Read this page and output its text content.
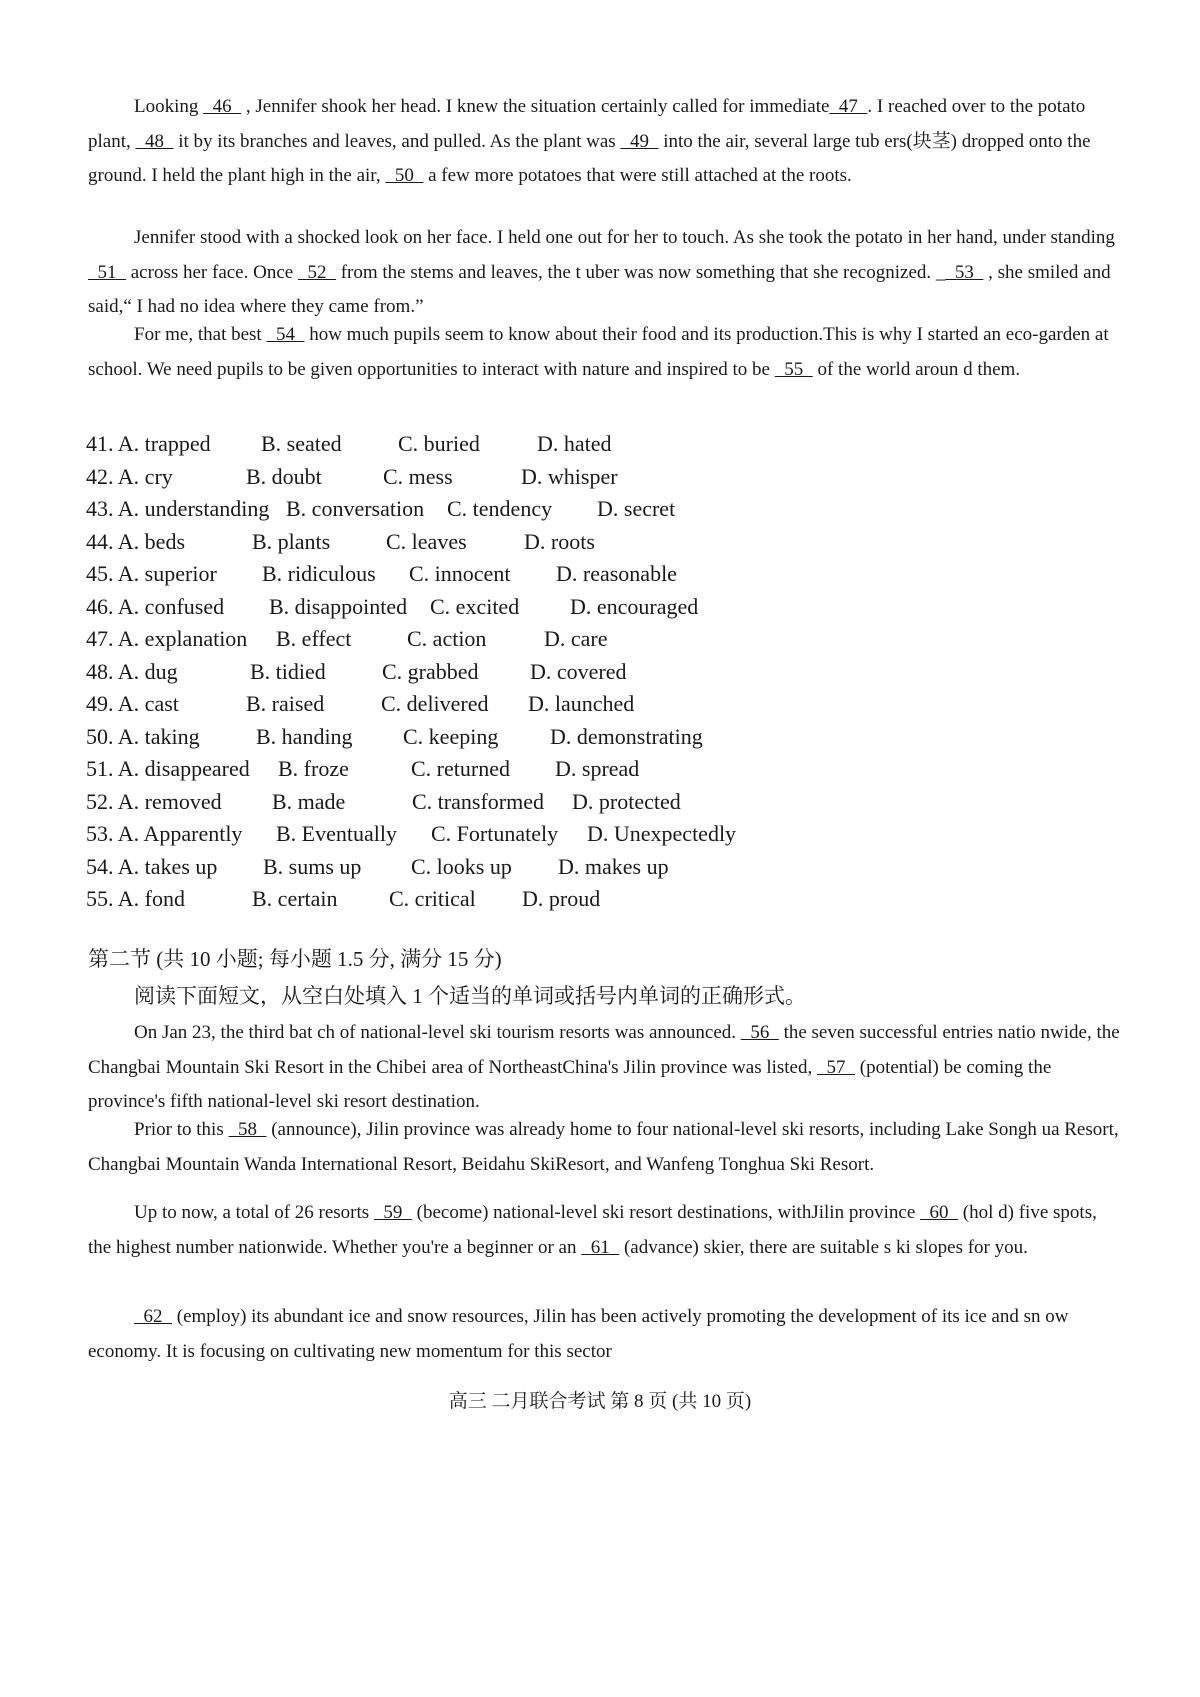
Looking   46   , Jennifer shook her head. I knew the situation certainly called for immediate  47  . I reached over to the potato plant,   48   it by its branches and leaves, and pulled. As the plant was   49   into the air, several large tub ers(块茎) dropped onto the ground. I held the plant high in the air,   50   a few more potatoes that were still attached at the roots.

Jennifer stood with a shocked look on her face. I held one out for her to touch. As she took the potato in her hand, under standing   51   across her face. Once   52   from the stems and leaves, the t uber was now something that she recognized. _  53   , she smiled and said,“ I had no idea where they came from.”

For me, that best   54   how much pupils seem to know about their food and its production.This is why I started an eco-garden at school. We need pupils to be given opportunities to interact with nature and inspired to be   55   of the world aroun d them.

41. A. trapped B. seated	C. buried	D. hated
42. A. cry	B. doubt	C. mess	D. whisper
43. A. understanding B. conversation C. tendency D. secret
44. A. beds	B. plants	C. leaves	D. roots
45. A. superior B. ridiculous C. innocent D. reasonable
46. A. confused B. disappointed C. excited D. encouraged
47. A. explanation B. effect	C. action	D. care
48. A. dug	B. tidied	C. grabbed D. covered
49. A. cast	B. raised	C. delivered D. launched
50. A. taking	B. handing C. keeping D. demonstrating
51. A. disappeared B. froze	C. returned D. spread
52. A. removed B. made	C. transformed D. protected
53. A. Apparently B. Eventually C. Fortunately D. Unexpectedly
54. A. takes up B. sums up C. looks up D. makes up
55. A. fond	B. certain C. critical D. proud
第二节 (共 10 小题; 每小题 1.5 分, 满分 15 分)
阅读下面短文，从空白处填入 1 个适当的单词或括号内单词的正确形式。

On Jan 23, the third bat ch of national-level ski tourism resorts was announced.   56   the seven successful entries natio nwide, the Changbai Mountain Ski Resort in the Chibei area of NortheastChina's Jilin province was listed,   57   (potential) be coming the province's fifth national-level ski resort destination.

Prior to this   58   (announce), Jilin province was already home to four national-level ski resorts, including Lake Songh ua Resort, Changbai Mountain Wanda International Resort, Beidahu SkiResort, and Wanfeng Tonghua Ski Resort.

Up to now, a total of 26 resorts   59   (become) national-level ski resort destinations, withJilin province   60   (hol d) five spots, the highest number nationwide. Whether you're a beginner or an   61   (advance) skier, there are suitable s ki slopes for you.

62   (employ) its abundant ice and snow resources, Jilin has been actively promoting the development of its ice and sn ow economy. It is focusing on cultivating new momentum for this sector

高三 二月联合考试 第 8 页 (共 10 页)
